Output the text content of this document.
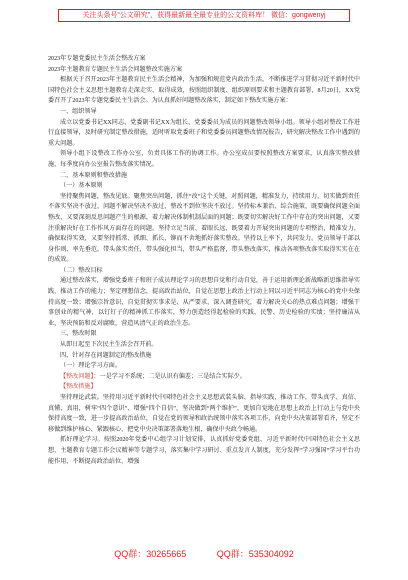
关注头条号“公文研究”，获得最新最全最专业的公文资料库！ 微信：gongwenyj

2023年专题党委民主生活会整改方案

2023年主题教育专题民主生活会问题整改实施方案

根据关于召开2023年主题教育民主生活会精神，为加强和规范党内政治生活，不断推进学习贯彻习近平新时代中国特色社会主义思想主题教育走深走实、取得成效，按照组织制度、组织原则要求和主题教育部署，8月20日，XX党委召开了2023年专题党委民主生活会。为认真抓好问题整改落实，制定如下整改实施方案：

一、组织领导

成立以党委书记XX同志、党委副书记XX为组长，党委委员为成员的问题整改领导小组。领导小组对整改工作进行直接领导，及时研究制定整改措施，适时听取党委班子和党委委员问题整改情况报告，研究解决整改工作中遇到的重大问题。

领导小组下设整改工作办公室，负责具体工作的协调工作。办公室成员要按照整改方案要求，认真落实整改措施，每季度向办公室报告整改落实情况。

二、基本原则和整改措施

（一）基本原则

坚持聚焦问题，整改见底。聚焦突出问题，抓住“改”这个关键，对照问题，精准发力，持续用力，切实做到责任不落实坚决不放过，问题不解决坚决不放过，整改不到位坚决不放过。坚持标本兼治、综合施策，既要确保问题全面整改，又要深刻反思问题产生的根源，着力解决体制机制层面的问题；既要切实解决好工作中存在的突出问题，又要注重解决好在工作作风方面存在的问题。坚持立足当前、着眼长远，既要着力开展突出问题的专项整治，精准发力，确保取得实效，又要坚持抓常、抓细、抓长，铆而不舍地抓好落实整改。坚持以上率下，共同发力。党员领导干部以身作则、率先垂范，带头落实责任，带头强化担当，带头严格监督，带头整改落实，推动各项整改落实取得实实在在的成效。

（二）整改目标

通过整改落实，增强党委班子和班子成员理论学习的思想自觉和行动自觉，善于运用新理论新战略新思维指导实践，推动工作的能力；坚定理想信念，提高政治站位，自觉在思想上政治上行动上同以习近平同志为核心的党中央保持高度一致；增强宗旨意识，自觉贯彻实事求是、从严要求，深入调查研究，着力解决关心的热点难点问题；增强干事创业的精气神，以钉钉子的精神抓工作落实，努力创造经得起检验的实践、民警、历史检验的实绩；坚持廉洁从业，坚决预防和反对腐败，营造风清气正的政治生态。

三、整改时限

从即日起至下次民主生活会召开前。

四、针对存在问题制定的整改措施

（一）理论学习方面。

【整改问题】：一是学习不系统；二是认识有偏差；三是结合实际少。

【整改措施】

坚持理论武装。坚持用习近平新时代中国特色社会主义思想武装头脑、指导实践，推动工作，带头真学、真信、真懂、真用，树牢“四个意识”、增强“四个自信”，坚决做到“两个维护”，更加自觉地在思想上政治上行动上与党中央保持高度一致，进一步提高政治站位，自觉在党的领导和政治统领中落实各项工作，向党中央决策部署看齐，坚定不移做到维护核心、紧跟核心，把党中央决策部署落地生根，确保中央政令畅通。

抓好理论学习。按照2020年党委中心组学习计划安排，认真抓好党委党组、习近平新时代中国特色社会主义思想、主题教育专题工作会议精神等专题学习，落实集中学习研讨、重点发言人制度，充分发挥“学习强国”学习平台功能作用，不断提高政治站位，增强

QQ群：30265665	QQ群：535304092
